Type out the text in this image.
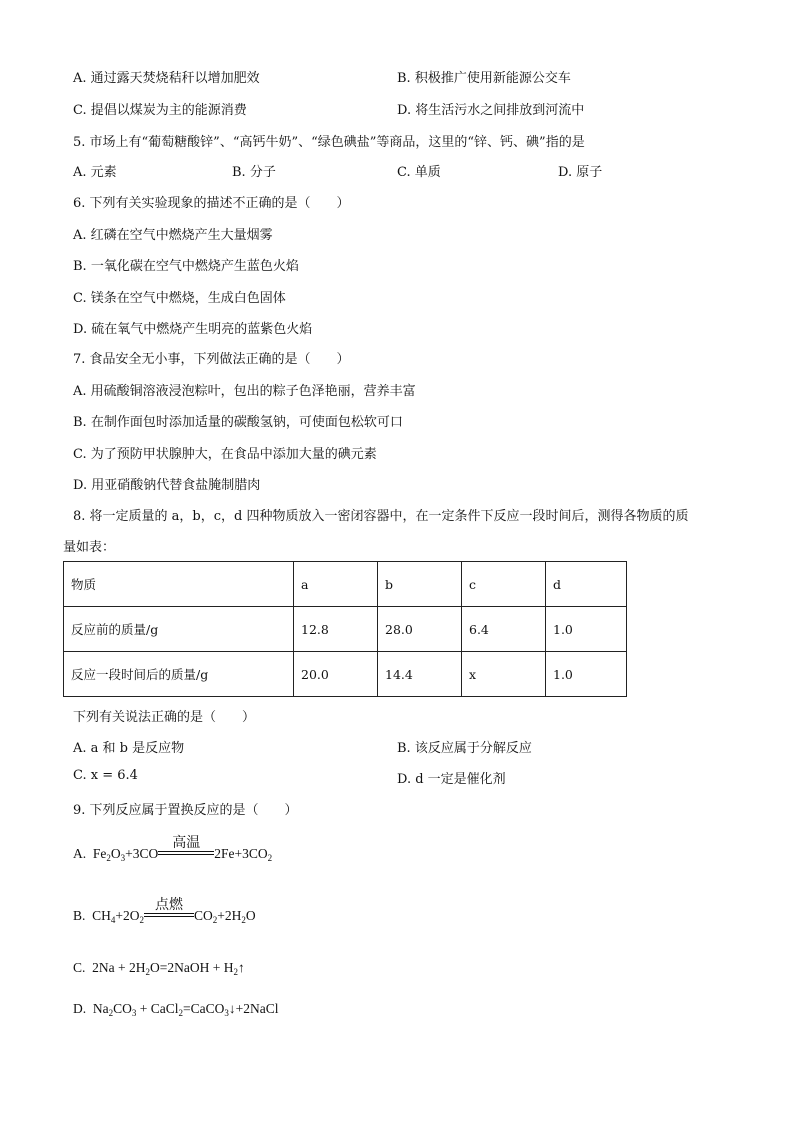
A. 通过露天焚烧秸秆以增加肥效	B. 积极推广使用新能源公交车
C. 提倡以煤炭为主的能源消费	D. 将生活污水之间排放到河流中
5. 市场上有“葡萄糖酸锌”、“高钙牛奶”、“绿色碘盐”等商品，这里的“锌、钙、碘”指的是
A. 元素	B. 分子	C. 单质	D. 原子
6. 下列有关实验现象的描述不正确的是（　　）
A. 红磷在空气中燃烧产生大量烟雾
B. 一氧化碳在空气中燃烧产生蓝色火焰
C. 镁条在空气中燃烧，生成白色固体
D. 硫在氧气中燃烧产生明亮的蓝紫色火焰
7. 食品安全无小事，下列做法正确的是（　　）
A. 用硫酸铜溶液浸泡粽叶，包出的粽子色泽艳丽，营养丰富
B. 在制作面包时添加适量的碳酸氢钠，可使面包松软可口
C. 为了预防甲状腺肿大，在食品中添加大量的碘元素
D. 用亚硝酸钠代替食盐腌制腊肉
8. 将一定质量的 a，b，c，d 四种物质放入一密闭容器中，在一定条件下反应一段时间后，测得各物质的质
量如表：
物质	a	b	c	d
反应前的质量/g	12.8	28.0	6.4	1.0
反应一段时间后的质量/g	20.0	14.4	x	1.0
下列有关说法正确的是（　　）
A. a 和 b 是反应物	B. 该反应属于分解反应
C. x = 6.4	D. d 一定是催化剂
9. 下列反应属于置换反应的是（　　）
A. $Fe_2O_3+3CO$
高温
$2Fe+3CO_2$
B. $CH_4+2O_2$
点燃
$CO_2+2H_2O$
C. $2Na + 2H_2O=2NaOH$ + $H_2↑$
D. $Na_2CO_3$ + CaCl$_2$=CaCO$_3$↓+2NaCl
